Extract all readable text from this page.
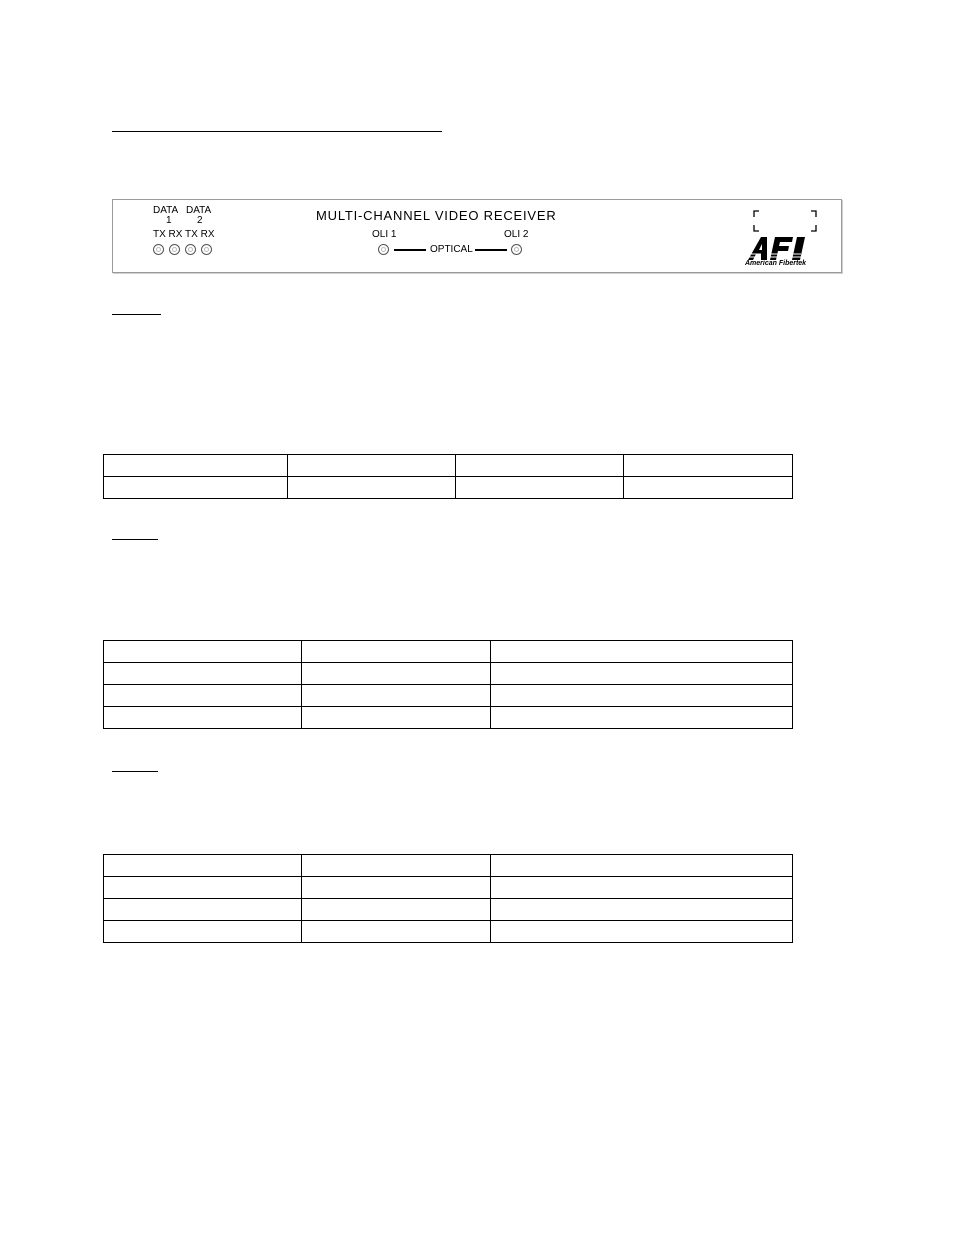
DATA
1
DATA
2
TX RX TX RX
MULTI-CHANNEL VIDEO RECEIVER
OLI 1	OLI 2
OPTICAL
American Fibertek
